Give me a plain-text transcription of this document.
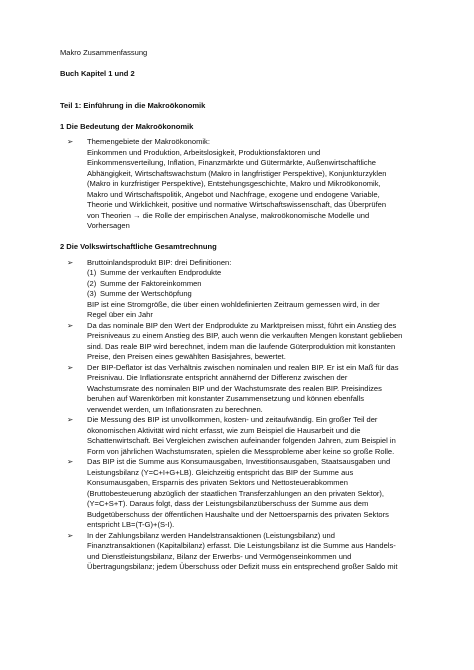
Makro Zusammenfassung
Buch Kapitel 1 und 2
Teil 1: Einführung in die Makroökonomik
1 Die Bedeutung der Makroökonomik
➢	Themengebiete der Makroökonomik:
Einkommen und Produktion, Arbeitslosigkeit, Produktionsfaktoren und
Einkommensverteilung, Inflation, Finanzmärkte und Gütermärkte, Außenwirtschaftliche
Abhängigkeit, Wirtschaftswachstum (Makro in langfristiger Perspektive), Konjunkturzyklen
(Makro in kurzfristiger Perspektive), Entstehungsgeschichte, Makro und Mikroökonomik,
Makro und Wirtschaftspolitik, Angebot und Nachfrage, exogene und endogene Variable,
Theorie und Wirklichkeit, positive und normative Wirtschaftswissenschaft, das Überprüfen
von Theorien → die Rolle der empirischen Analyse, makroökonomische Modelle und
Vorhersagen
2 Die Volkswirtschaftliche Gesamtrechnung
➢	Bruttoinlandsprodukt BIP: drei Definitionen:
(1) Summe der verkauften Endprodukte
(2) Summe der Faktoreinkommen
(3) Summe der Wertschöpfung
BIP ist eine Stromgröße, die über einen wohldefinierten Zeitraum gemessen wird, in der
Regel über ein Jahr
➢	Da das nominale BIP den Wert der Endprodukte zu Marktpreisen misst, führt ein Anstieg des
Preisniveaus zu einem Anstieg des BIP, auch wenn die verkauften Mengen konstant geblieben
sind. Das reale BIP wird berechnet, indem man die laufende Güterproduktion mit konstanten
Preise, den Preisen eines gewählten Basisjahres, bewertet.
➢	Der BIP-Deflator ist das Verhältnis zwischen nominalen und realen BIP. Er ist ein Maß für das
Preisnivau. Die Inflationsrate entspricht annähernd der Differenz zwischen der
Wachstumsrate des nominalen BIP und der Wachstumsrate des realen BIP. Preisindizes
beruhen auf Warenkörben mit konstanter Zusammensetzung und können ebenfalls
verwendet werden, um Inflationsraten zu berechnen.
➢	Die Messung des BIP ist unvollkommen, kosten- und zeitaufwändig. Ein großer Teil der
ökonomischen Aktivität wird nicht erfasst, wie zum Beispiel die Hausarbeit und die
Schattenwirtschaft. Bei Vergleichen zwischen aufeinander folgenden Jahren, zum Beispiel in
Form von jährlichen Wachstumsraten, spielen die Messprobleme aber keine so große Rolle.
➢	Das BIP ist die Summe aus Konsumausgaben, Investitionsausgaben, Staatsausgaben und
Leistungsbilanz (Y=C+I+G+LB). Gleichzeitig entspricht das BIP der Summe aus
Konsumausgaben, Ersparnis des privaten Sektors und Nettosteuerabkommen
(Bruttobesteuerung abzüglich der staatlichen Transferzahlungen an den privaten Sektor),
(Y=C+S+T). Daraus folgt, dass der Leistungsbilanzüberschuss der Summe aus dem
Budgetüberschuss der öffentlichen Haushalte und der Nettoersparnis des privaten Sektors
entspricht LB=(T-G)+(S-I).
➢	In der Zahlungsbilanz werden Handelstransaktionen (Leistungsbilanz) und
Finanztransaktionen (Kapitalbilanz) erfasst. Die Leistungsbilanz ist die Summe aus Handels-
und Dienstleistungsbilanz, Bilanz der Erwerbs- und Vermögenseinkommen und
Übertragungsbilanz; jedem Überschuss oder Defizit muss ein entsprechend großer Saldo mit
